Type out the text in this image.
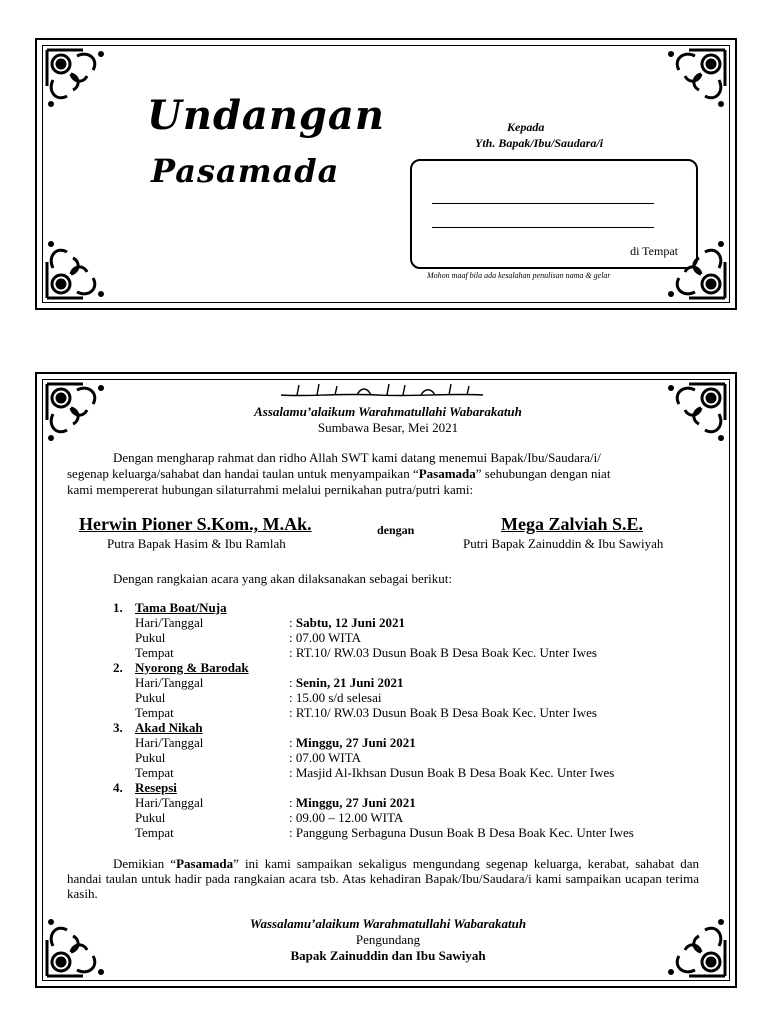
Undangan
Pasamada
Kepada
Yth. Bapak/Ibu/Saudara/i
di Tempat
Mohon maaf bila ada kesalahan penulisan nama & gelar
Assalamu’alaikum Warahmatullahi Wabarakatuh
Sumbawa Besar, Mei 2021
Dengan mengharap rahmat dan ridho Allah SWT kami datang menemui Bapak/Ibu/Saudara/i/
segenap keluarga/sahabat dan handai taulan untuk menyampaikan “Pasamada” sehubungan dengan niat
kami mempererat hubungan silaturrahmi melalui pernikahan putra/putri kami:
Herwin Pioner S.Kom., M.Ak.
Putra Bapak Hasim & Ibu Ramlah
dengan	Mega Zalviah S.E.
Putri Bapak Zainuddin & Ibu Sawiyah
Dengan rangkaian acara yang akan dilaksanakan sebagai berikut:
1. Tama Boat/Nuja
Hari/Tanggal	: Sabtu, 12 Juni 2021
Pukul	: 07.00 WITA
Tempat	: RT.10/ RW.03 Dusun Boak B Desa Boak Kec. Unter Iwes
2. Nyorong & Barodak
Hari/Tanggal	: Senin, 21 Juni 2021
Pukul	: 15.00 s/d selesai
Tempat	: RT.10/ RW.03 Dusun Boak B Desa Boak Kec. Unter Iwes
3. Akad Nikah
Hari/Tanggal	: Minggu, 27 Juni 2021
Pukul	: 07.00 WITA
Tempat	: Masjid Al-Ikhsan Dusun Boak B Desa Boak Kec. Unter Iwes
4. Resepsi
Hari/Tanggal	: Minggu, 27 Juni 2021
Pukul	: 09.00 – 12.00 WITA
Tempat	: Panggung Serbaguna Dusun Boak B Desa Boak Kec. Unter Iwes
Demikian “Pasamada” ini kami sampaikan sekaligus mengundang segenap keluarga, kerabat, sahabat dan handai taulan untuk hadir pada rangkaian acara tsb. Atas kehadiran Bapak/Ibu/Saudara/i kami sampaikan ucapan terima kasih.
Wassalamu’alaikum Warahmatullahi Wabarakatuh
Pengundang
Bapak Zainuddin dan Ibu Sawiyah
